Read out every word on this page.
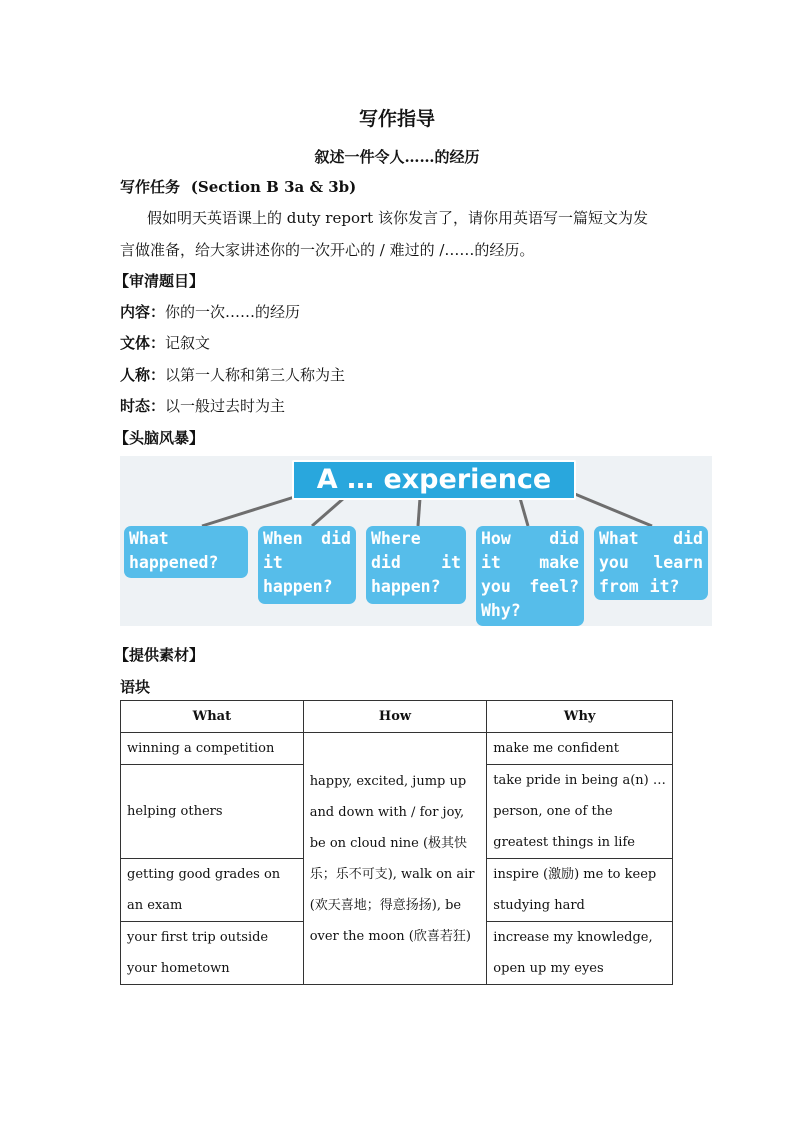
写作指导
叙述一件令人……的经历
写作任务 (Section B 3a & 3b)
假如明天英语课上的 duty report 该你发言了，请你用英语写一篇短文为发
言做准备，给大家讲述你的一次开心的 / 难过的 /……的经历。
【审清题目】
内容：你的一次……的经历
文体：记叙文
人称：以第一人称和第三人称为主
时态：以一般过去时为主
【头脑风暴】
A … experience
What happened?
When did it happen?
Where did it happen?
How did it make you feel? Why?
What did you learn from it?
【提供素材】
语块
What	How	Why
winning a competition	happy, excited, jump up and down with / for joy, be on cloud nine (极其快乐；乐不可支), walk on air (欢天喜地；得意扬扬), be over the moon (欣喜若狂)	make me confident
helping others		take pride in being a(n) … person, one of the greatest things in life
getting good grades on an exam		inspire (激励) me to keep studying hard
your first trip outside your hometown		increase my knowledge, open up my eyes
